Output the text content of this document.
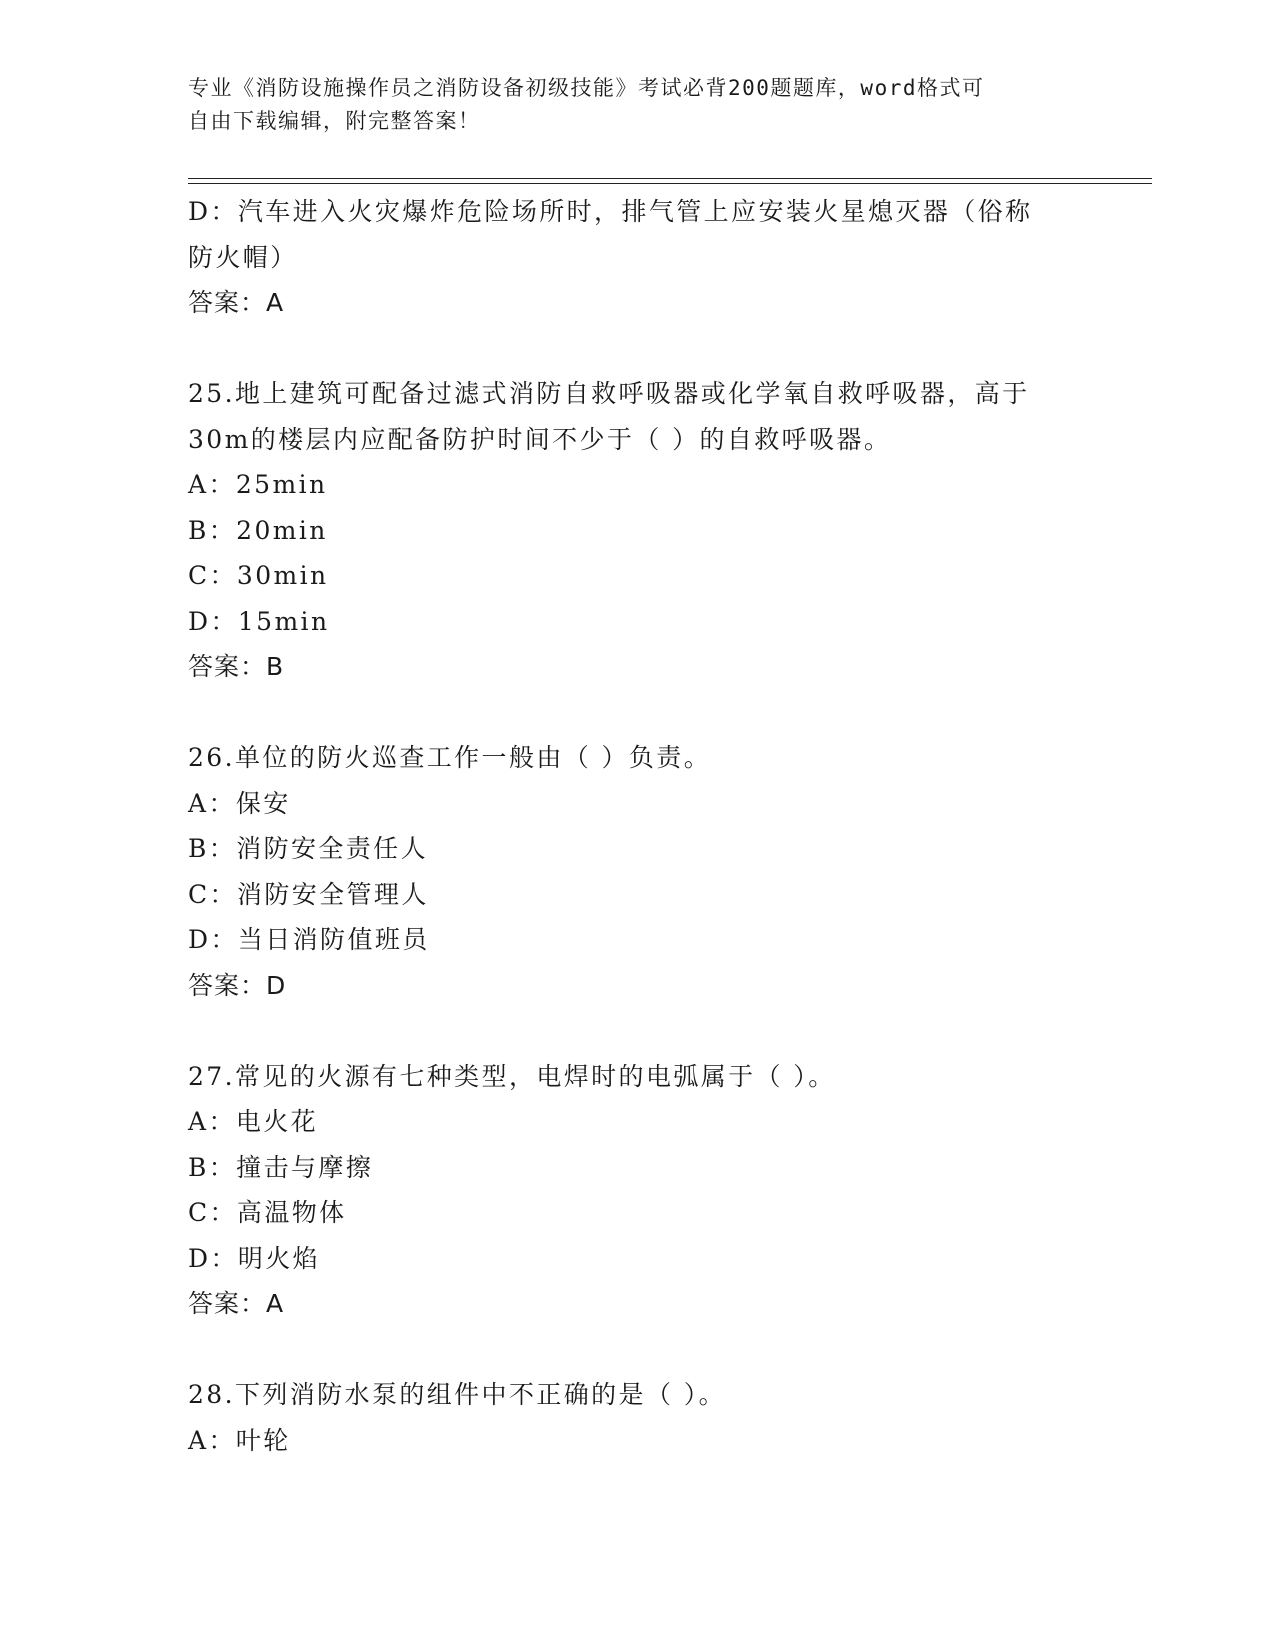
专业《消防设施操作员之消防设备初级技能》考试必背200题题库，word格式可
自由下载编辑，附完整答案！
D：汽车进入火灾爆炸危险场所时，排气管上应安装火星熄灭器（俗称
防火帽）
答案：A
25.地上建筑可配备过滤式消防自救呼吸器或化学氧自救呼吸器，高于
30m的楼层内应配备防护时间不少于（ ）的自救呼吸器。
A：25min
B：20min
C：30min
D：15min
答案：B
26.单位的防火巡查工作一般由（ ）负责。
A：保安
B：消防安全责任人
C：消防安全管理人
D：当日消防值班员
答案：D
27.常见的火源有七种类型，电焊时的电弧属于（ ）。
A：电火花
B：撞击与摩擦
C：高温物体
D：明火焰
答案：A
28.下列消防水泵的组件中不正确的是（ ）。
A：叶轮
